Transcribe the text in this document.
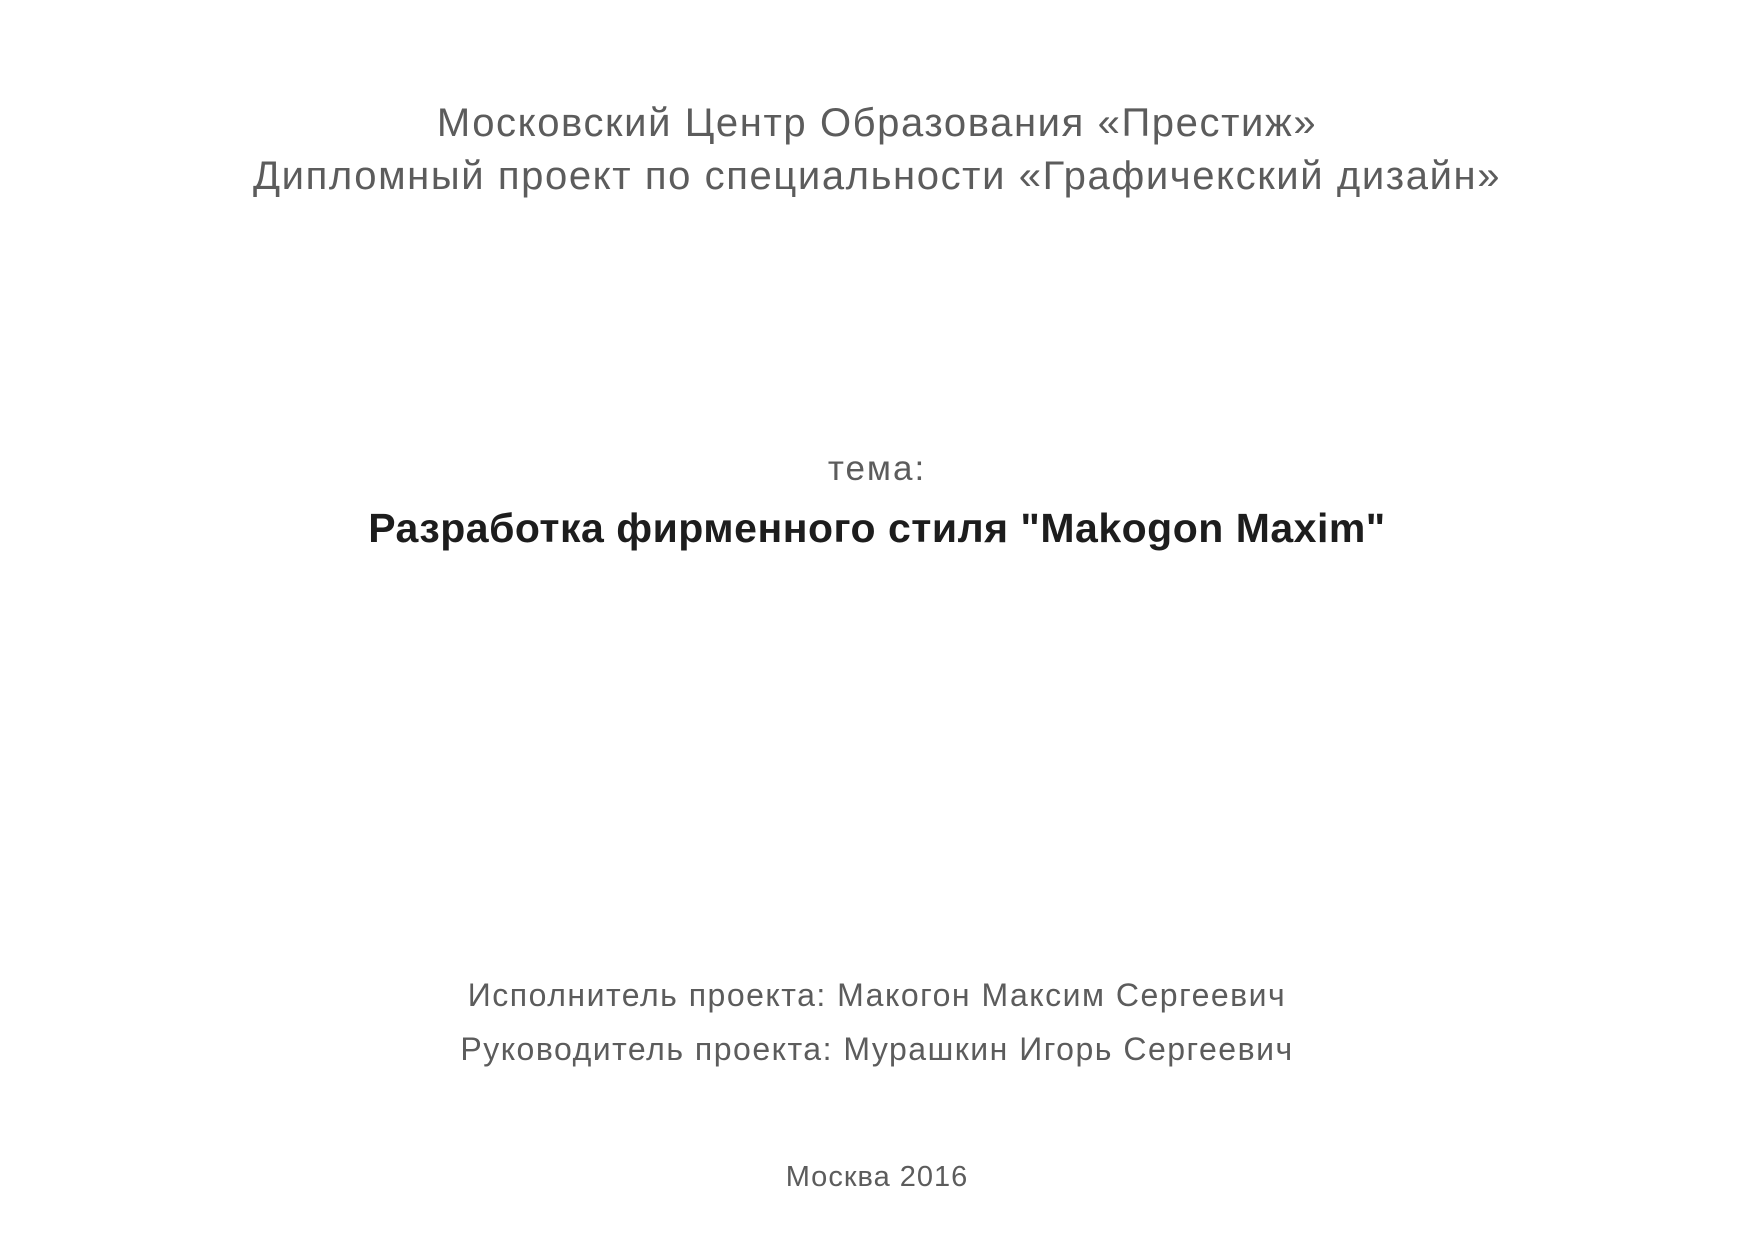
Московский Центр Образования «Престиж»
Дипломный проект по специальности «Графичекский дизайн»
тема:
Разработка фирменного стиля "Makogon Maxim"
Исполнитель проекта: Макогон Максим Сергеевич
Руководитель проекта: Мурашкин Игорь Сергеевич
Москва 2016
